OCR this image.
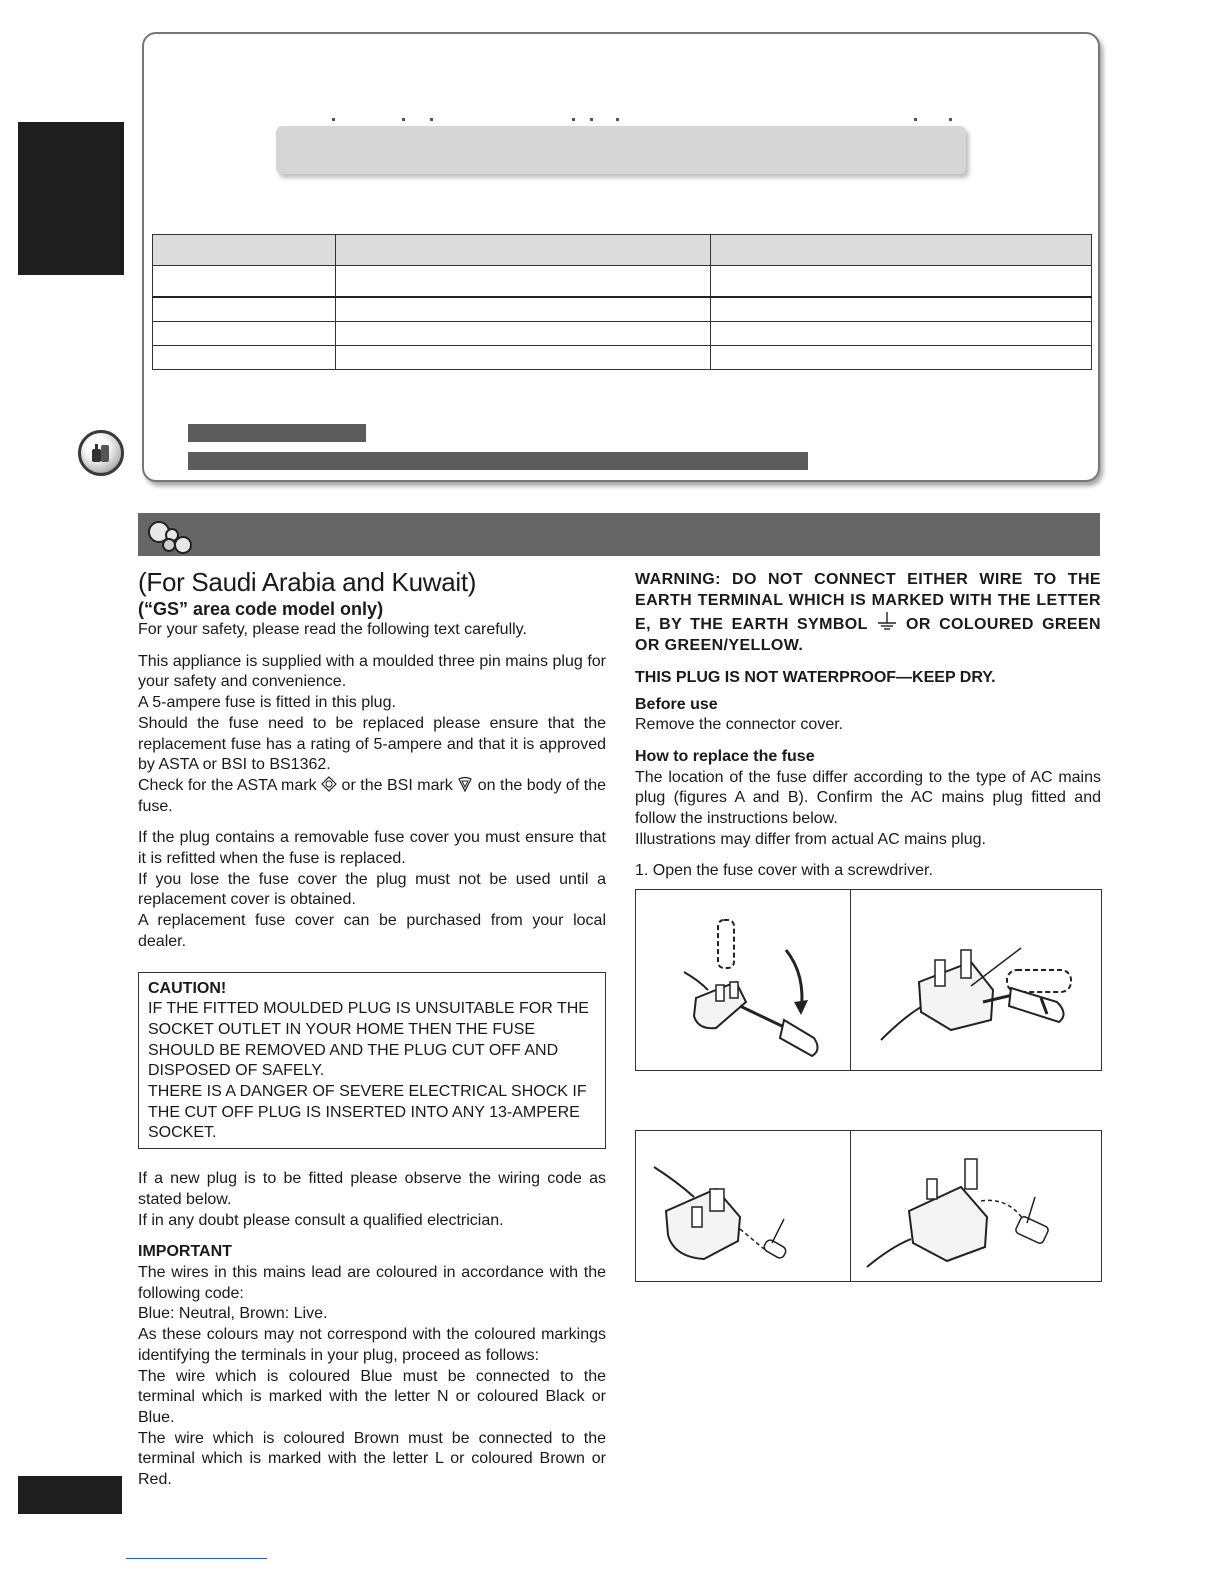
(For Saudi Arabia and Kuwait)

(“GS” area code model only)

For your safety, please read the following text carefully.

This appliance is supplied with a moulded three pin mains plug for your safety and convenience.

A 5-ampere fuse is fitted in this plug.

Should the fuse need to be replaced please ensure that the replacement fuse has a rating of 5-ampere and that it is approved by ASTA or BSI to BS1362.

Check for the ASTA mark or the BSI mark on the body of the fuse.

If the plug contains a removable fuse cover you must ensure that it is refitted when the fuse is replaced.

If you lose the fuse cover the plug must not be used until a replacement cover is obtained.

A replacement fuse cover can be purchased from your local dealer.

CAUTION!

IF THE FITTED MOULDED PLUG IS UNSUITABLE FOR THE SOCKET OUTLET IN YOUR HOME THEN THE FUSE SHOULD BE REMOVED AND THE PLUG CUT OFF AND DISPOSED OF SAFELY.

THERE IS A DANGER OF SEVERE ELECTRICAL SHOCK IF THE CUT OFF PLUG IS INSERTED INTO ANY 13-AMPERE SOCKET.

If a new plug is to be fitted please observe the wiring code as stated below.

If in any doubt please consult a qualified electrician.

IMPORTANT

The wires in this mains lead are coloured in accordance with the following code:

Blue: Neutral, Brown: Live.

As these colours may not correspond with the coloured markings identifying the terminals in your plug, proceed as follows:

The wire which is coloured Blue must be connected to the terminal which is marked with the letter N or coloured Black or Blue.

The wire which is coloured Brown must be connected to the terminal which is marked with the letter L or coloured Brown or Red.

WARNING: DO NOT CONNECT EITHER WIRE TO THE EARTH TERMINAL WHICH IS MARKED WITH THE LETTER E, BY THE EARTH SYMBOL OR COLOURED GREEN OR GREEN/YELLOW.

THIS PLUG IS NOT WATERPROOF—KEEP DRY.

Before use

Remove the connector cover.

How to replace the fuse

The location of the fuse differ according to the type of AC mains plug (figures A and B). Confirm the AC mains plug fitted and follow the instructions below.

Illustrations may differ from actual AC mains plug.

1. Open the fuse cover with a screwdriver.
